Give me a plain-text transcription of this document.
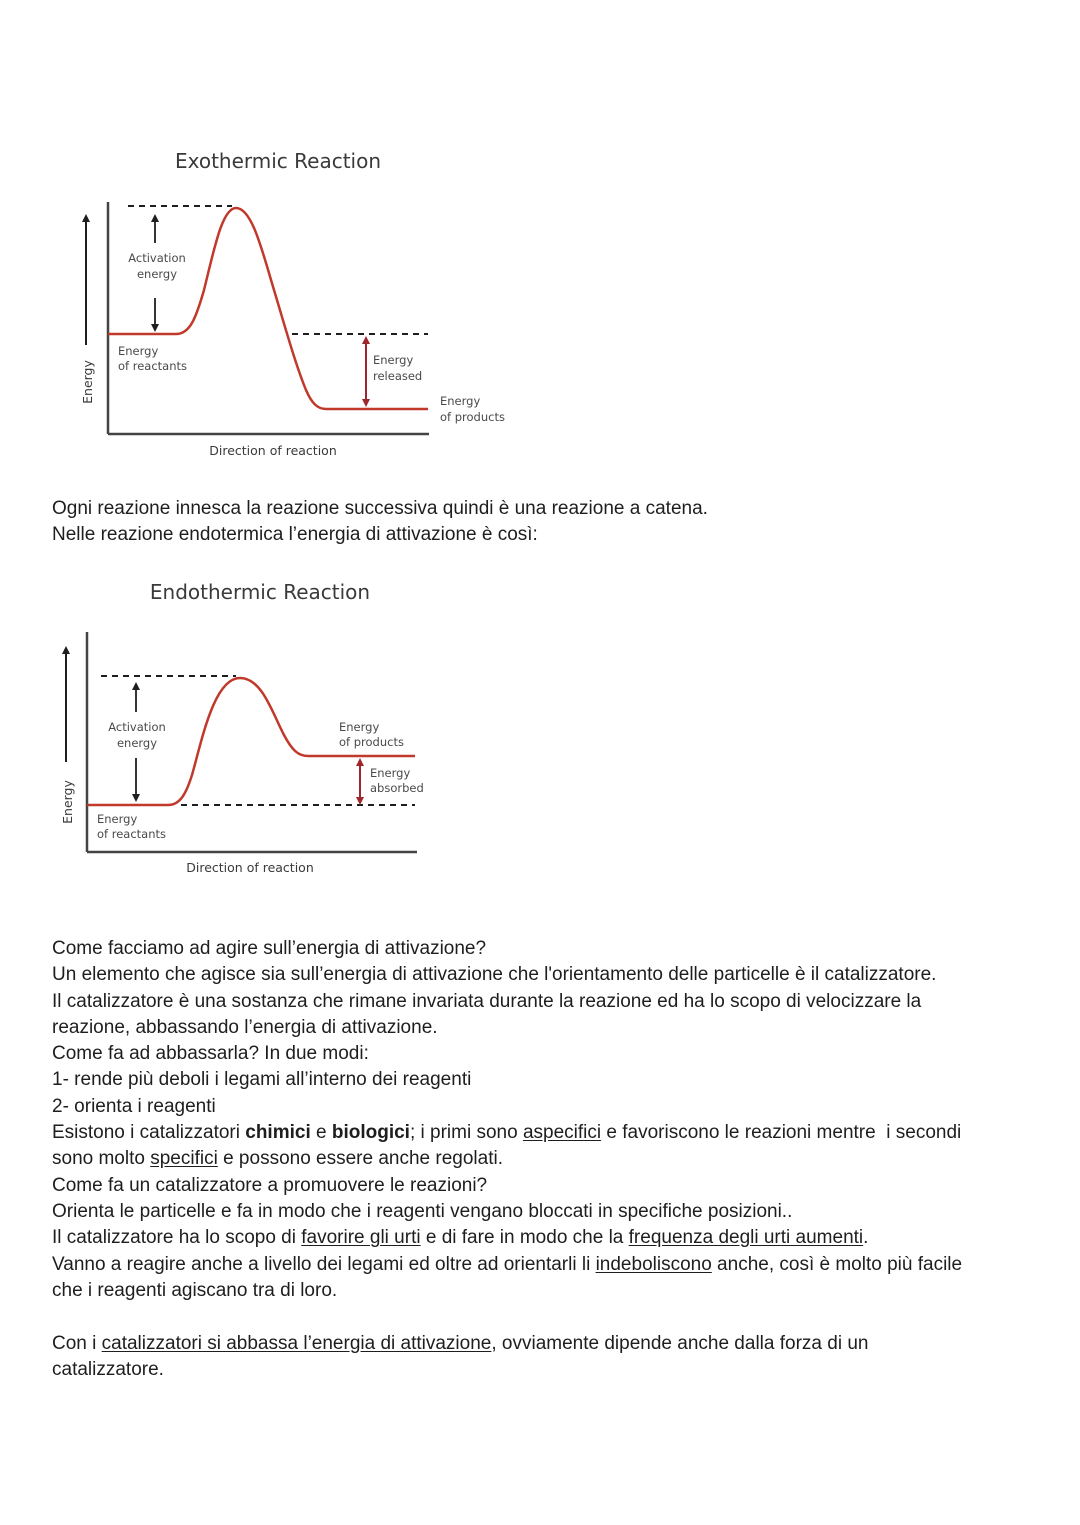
Exothermic Reaction
Energy
Activation
energy
Energy
of reactants	Energy
released
Energy
of products
Direction of reaction

Ogni reazione innesca la reazione successiva quindi è una reazione a catena.

Nelle reazione endotermica l’energia di attivazione è così:

Endothermic Reaction
Energy
Activation
energy
Energy
of reactants
Energy
of products
Energy
absorbed
Direction of reaction

Come facciamo ad agire sull’energia di attivazione?

Un elemento che agisce sia sull’energia di attivazione che l'orientamento delle particelle è il catalizzatore.

Il catalizzatore è una sostanza che rimane invariata durante la reazione ed ha lo scopo di velocizzare la

reazione, abbassando l’energia di attivazione.

Come fa ad abbassarla? In due modi:

1- rende più deboli i legami all’interno dei reagenti

2- orienta i reagenti

Esistono i catalizzatori chimici e biologici; i primi sono aspecifici e favoriscono le reazioni mentre  i secondi

sono molto specifici e possono essere anche regolati.

Come fa un catalizzatore a promuovere le reazioni?

Orienta le particelle e fa in modo che i reagenti vengano bloccati in specifiche posizioni..

Il catalizzatore ha lo scopo di favorire gli urti e di fare in modo che la frequenza degli urti aumenti.

Vanno a reagire anche a livello dei legami ed oltre ad orientarli li indeboliscono anche, così è molto più facile

che i reagenti agiscano tra di loro.

Con i catalizzatori si abbassa l’energia di attivazione, ovviamente dipende anche dalla forza di un

catalizzatore.
